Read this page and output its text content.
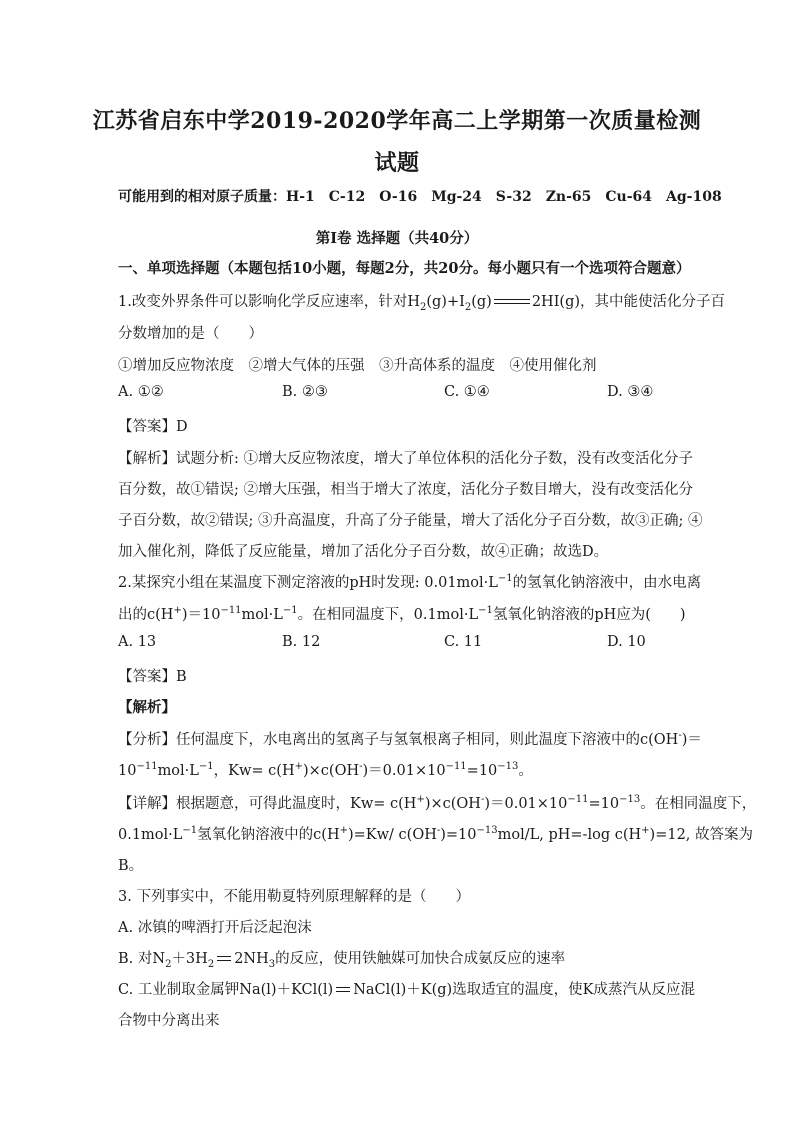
江苏省启东中学2019-2020学年高二上学期第一次质量检测
试题
可能用到的相对原子质量：H-1　C-12　O-16　Mg-24　S-32　Zn-65　Cu-64　Ag-108
第I卷 选择题（共40分）
一、单项选择题（本题包括10小题，每题2分，共20分。每小题只有一个选项符合题意）
1.改变外界条件可以影响化学反应速率，针对$H_2(g)+I_2(g)$	2HI(g)，其中能使活化分子百
分数增加的是（　　）
①增加反应物浓度　②增大气体的压强　③升高体系的温度　④使用催化剂
A. ①②	B. ②③	C. ①④	D. ③④
【答案】D
【解析】试题分析: ①增大反应物浓度，增大了单位体积的活化分子数，没有改变活化分子
百分数，故①错误; ②增大压强，相当于增大了浓度，活化分子数目增大，没有改变活化分
子百分数，故②错误; ③升高温度，升高了分子能量，增大了活化分子百分数，故③正确; ④
加入催化剂，降低了反应能量，增加了活化分子百分数，故④正确；故选D。
2.某探究小组在某温度下测定溶液的pH时发现: $0.01mol\cdot L^{-1}$的氢氧化钠溶液中，由水电离
出的$c(H^+)=10^{-11}mol\cdot L^{-1}$。在相同温度下，$0.1mol\cdot L^{-1}$氢氧化钠溶液的pH应为(　　)
A. 13	B. 12	C. 11	D. 10
【答案】B
【解析】
【分析】任何温度下，水电离出的氢离子与氢氧根离子相同，则此温度下溶液中的c(OH-)＝
$10^{-11}mol\cdot L^{-1}$，$Kw= c(H^+)\times c(OH^-)=0.01\times 10^{-11}=10^{-13}$。
【详解】根据题意，可得此温度时，$Kw= c(H^+)\times c(OH^-)=0.01\times 10^{-11}=10^{-13}$。在相同温度下，
$0.1mol\cdot L^{-1}$氢氧化钠溶液中的c(H+)=Kw/ $c(OH^-)=10^{-13}mol/L$, pH=-log c(H+)=12, 故答案为
B。
3. 下列事实中，不能用勒夏特列原理解释的是（　　）
A. 冰镇的啤酒打开后泛起泡沫
B. 对$N_2+3H_2$ $2NH_3$的反应，使用铁触媒可加快合成氨反应的速率
C. 工业制取金属钾Na(l)＋KCl(l) NaCl(l)＋K(g)选取适宜的温度，使K成蒸汽从反应混
合物中分离出来
